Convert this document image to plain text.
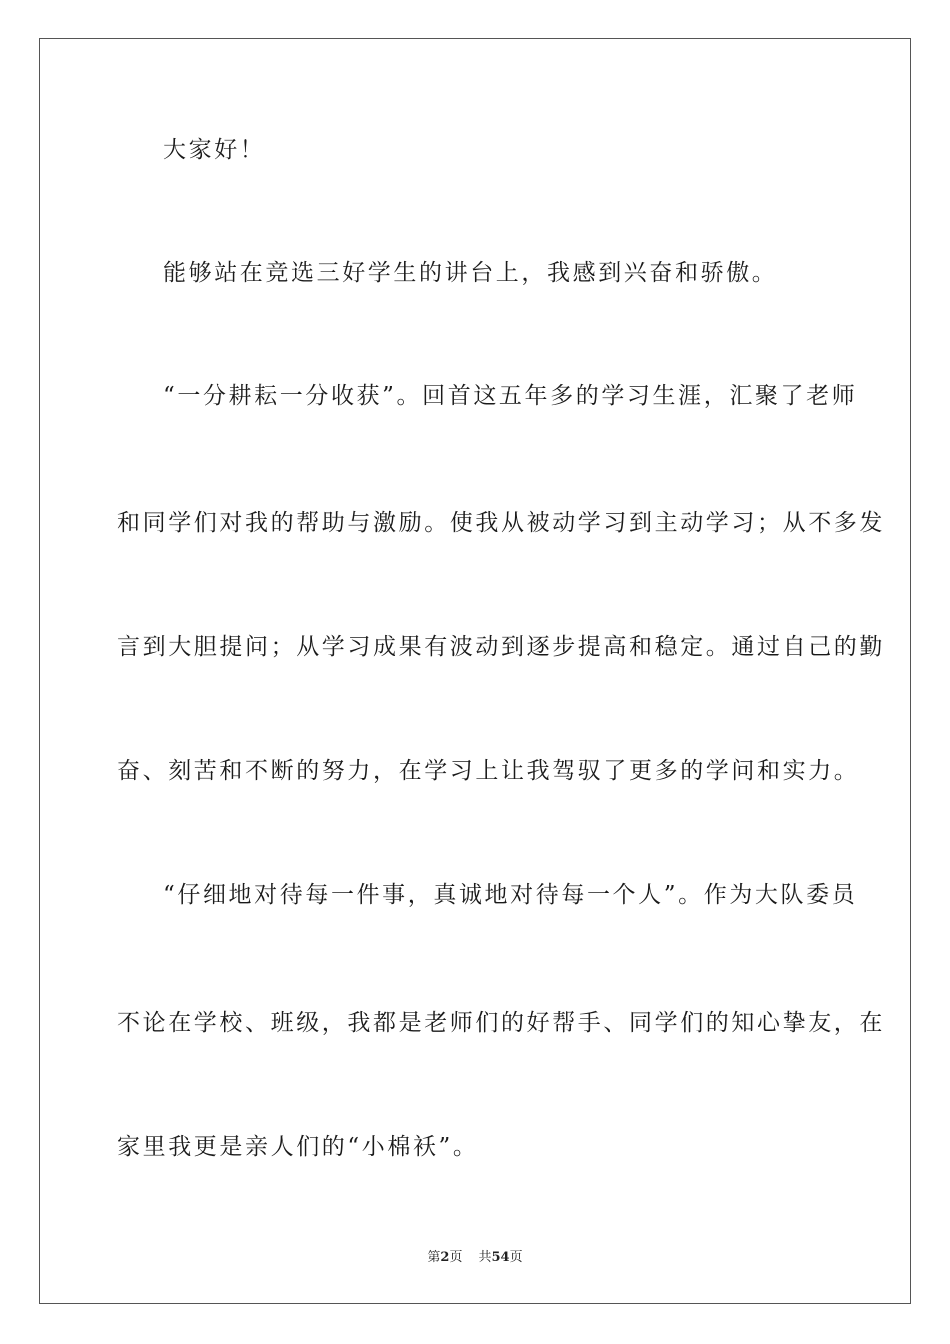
大家好！
能够站在竞选三好学生的讲台上，我感到兴奋和骄傲。
“一分耕耘一分收获”。回首这五年多的学习生涯，汇聚了老师
和同学们对我的帮助与激励。使我从被动学习到主动学习；从不多发
言到大胆提问；从学习成果有波动到逐步提高和稳定。通过自己的勤
奋、刻苦和不断的努力，在学习上让我驾驭了更多的学问和实力。
“仔细地对待每一件事，真诚地对待每一个人”。作为大队委员
不论在学校、班级，我都是老师们的好帮手、同学们的知心挚友，在
家里我更是亲人们的“小棉袄”。
第2页 共54页
